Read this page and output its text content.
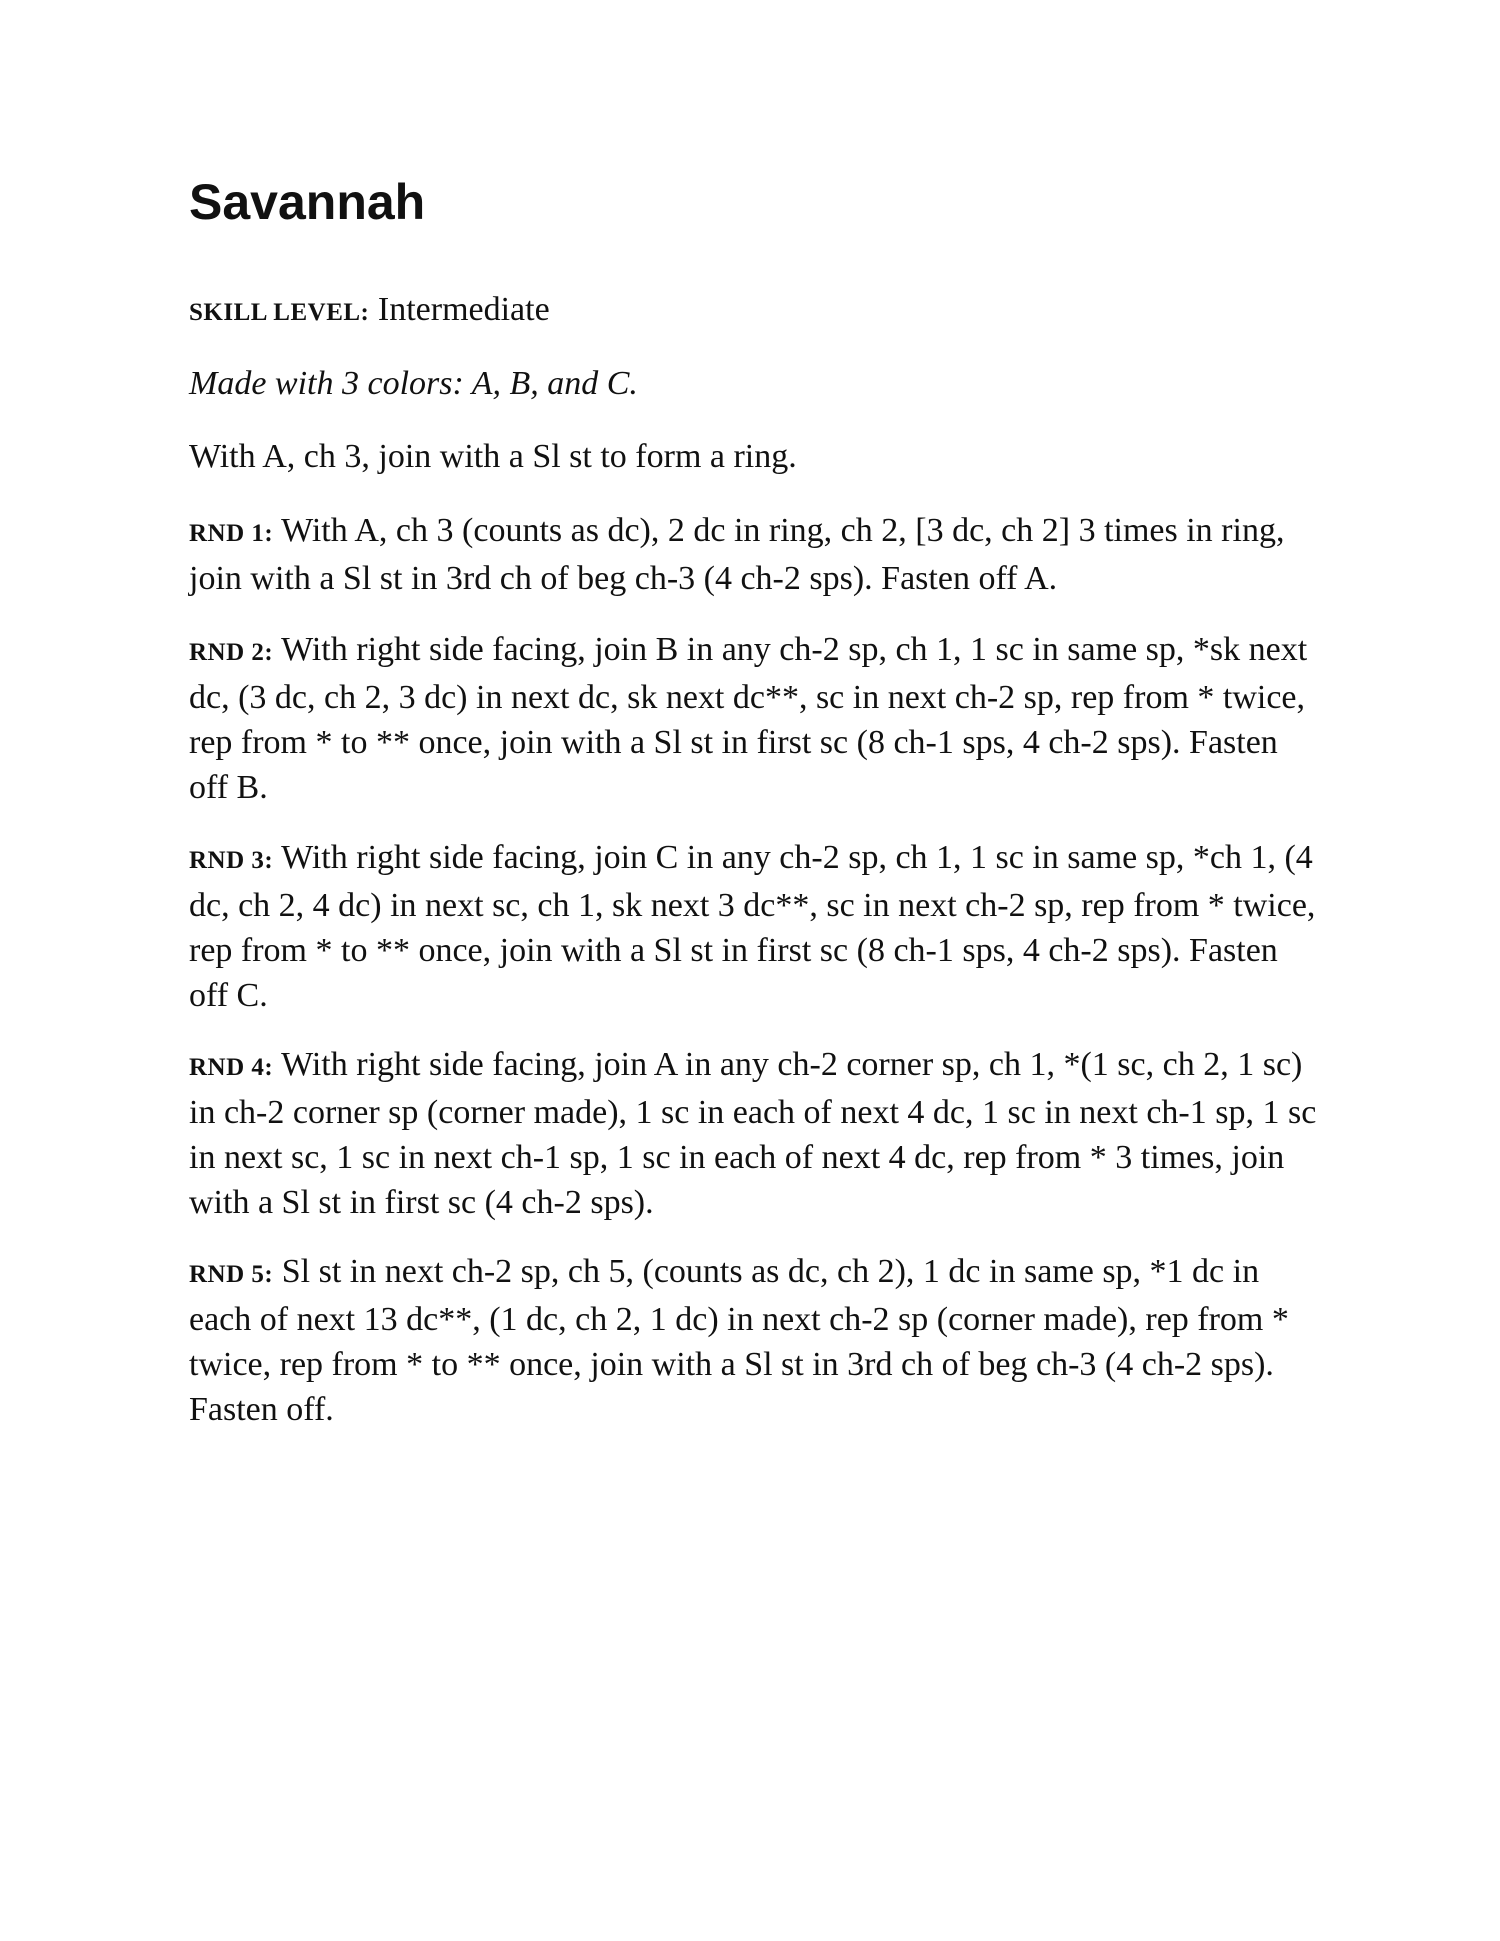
Savannah

SKILL LEVEL: Intermediate

Made with 3 colors: A, B, and C.

With A, ch 3, join with a Sl st to form a ring.

RND 1: With A, ch 3 (counts as dc), 2 dc in ring, ch 2, [3 dc, ch 2] 3 times in ring, join with a Sl st in 3rd ch of beg ch-3 (4 ch-2 sps). Fasten off A.

RND 2: With right side facing, join B in any ch-2 sp, ch 1, 1 sc in same sp, *sk next dc, (3 dc, ch 2, 3 dc) in next dc, sk next dc**, sc in next ch-2 sp, rep from * twice, rep from * to ** once, join with a Sl st in first sc (8 ch-1 sps, 4 ch-2 sps). Fasten off B.

RND 3: With right side facing, join C in any ch-2 sp, ch 1, 1 sc in same sp, *ch 1, (4 dc, ch 2, 4 dc) in next sc, ch 1, sk next 3 dc**, sc in next ch-2 sp, rep from * twice, rep from * to ** once, join with a Sl st in first sc (8 ch-1 sps, 4 ch-2 sps). Fasten off C.

RND 4: With right side facing, join A in any ch-2 corner sp, ch 1, *(1 sc, ch 2, 1 sc) in ch-2 corner sp (corner made), 1 sc in each of next 4 dc, 1 sc in next ch-1 sp, 1 sc in next sc, 1 sc in next ch-1 sp, 1 sc in each of next 4 dc, rep from * 3 times, join with a Sl st in first sc (4 ch-2 sps).

RND 5: Sl st in next ch-2 sp, ch 5, (counts as dc, ch 2), 1 dc in same sp, *1 dc in each of next 13 dc**, (1 dc, ch 2, 1 dc) in next ch-2 sp (corner made), rep from * twice, rep from * to ** once, join with a Sl st in 3rd ch of beg ch-3 (4 ch-2 sps). Fasten off.
